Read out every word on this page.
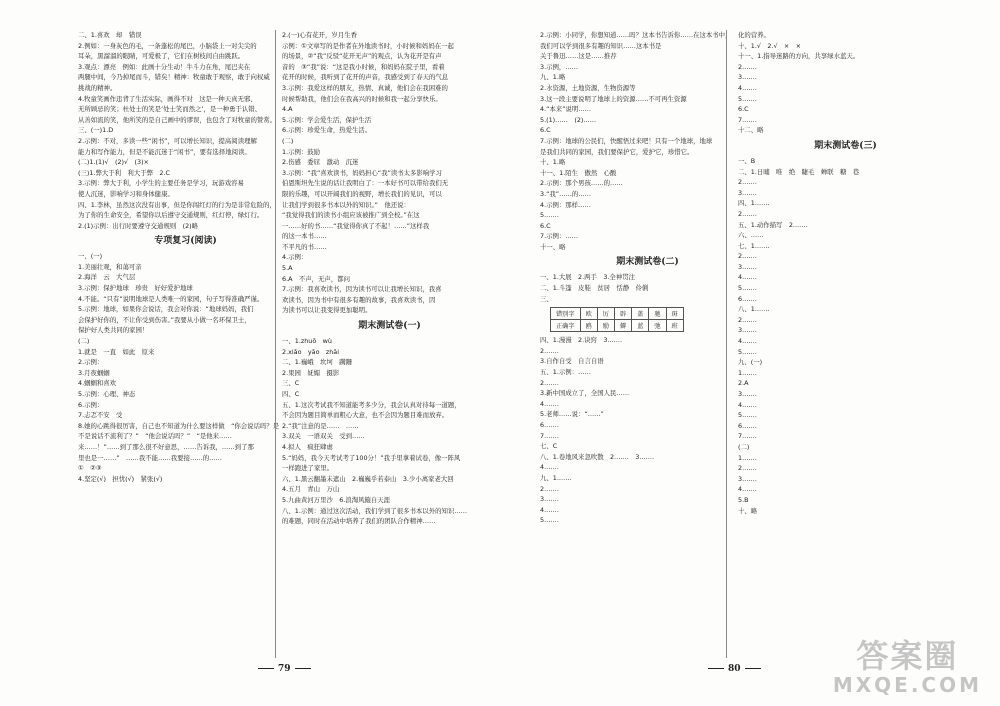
二、1.喜欢　却　错误
2.例如：一身灰色的毛，一条蓬松的尾巴，小脑袋上一对尖尖的
耳朵，黑溜溜的眼睛，可爱极了，它们在树枝间自由跳跃。
3.观点：漂亮　例如：此画十分生动！牛斗力在角，尾巴夹在
两腿中间，今乃掉尾而斗，错矣！精神：牧童敢于观察，敢于向权威
挑战的精神。
4.牧童笑画作违背了生活实际，画得不对　这是一种天真无邪、
无所顾忌的笑；杜处士的笑是‘处士笑而然之’，是一种勇于认错、
从善如流的笑，他所笑的是自己画中的谬误，也包含了对牧童的赞赏。
三、(一)1.D
2.示例：不对，多读一些“闲书”，可以增长知识，提高阅读理解
能力和写作能力，但是不能沉迷于“闲书”，要有选择地阅读。
(二)1.(1)√　(2)√　(3)×
(三)1.弊大于利　利大于弊　2.C
3.示例：弊大于利，小学生的主要任务是学习，玩游戏容易
使人沉迷，影响学习和身体健康。
四、1.李林，虽然这次没有出事，但是你闯红灯的行为是非常危险的，
为了你的生命安全，希望你以后遵守交通规则，红灯停，绿灯行。
2.(1)示例：出行时要遵守交通规则　(2)略
专项复习(阅读)
一、(一)
1.美丽壮观，和蔼可亲
2.海洋　云　大气层
3.示例：保护地球　珍贵　好好爱护地球
4.不能。“只有”说明地球是人类唯一的家园，句子写得准确严谨。
5.示例：地球，如果你会说话，我会对你说：“地球妈妈，我们
会保护好你的，不让你受到伤害。”我要从小做一名环保卫士，
保护好人类共同的家园！
(二)
1.就是　一直　如此　原来
2.示例：
3.月夜蝈蝈
4.蝈蝈和喜欢
5.示例：心理、神态
6.示例：
7.忐忑不安　受
8.她的心跳得很厉害，自己也不知道为什么要这样做　“你会说话吗？是
不是说话不流利了？”　“他会说话吗？”　“是他来……
来……！”……到了那么很不好意思，……告诉我，……到了那
里也是一……”　……我不能……我要接……的……
①　②③
4.坚定(√)　担忧(√)　紧张(√)
2.(一)心有花开，岁月生香
示例：①文章写的是作者在外地读书时，小时候和妈妈在一起
的场景，②“我”反驳“花开无声”的观点，认为花开是有声
音的　③“我”说：“这是我小时候，和妈妈在院子里，看着
花开的时候，我听到了花开的声音，我感受到了春天的气息
3.示例：我爱这样的朋友，热情、真诚，他们会在我困难的
时候帮助我，他们会在我高兴的时候和我一起分享快乐。
4.A
5.示例：学会爱生活，保护生活
6.示例：珍爱生命，热爱生活。
(二)
1.示例：鼓励
2.伤感　委屈　激动　沉迷
3.示例：“我”喜欢读书，妈妈担心“我”读书太多影响学习
伯恩斯坦先生说的话让我明白了：一本好书可以带给我们无
限的乐趣，可以开阔我们的视野，增长我们的见识，可以
让我们学到很多书本以外的知识。”　他还说：
“我觉得我们的读书小组应该被推广到全校。”在这
一……好的书……“我觉得你真了不起！……”这样我
的这一本书……
不平凡的书……
4.示例：
5.A
6.A　不声，无声，都问
7.示例：我喜欢读书，因为读书可以让我增长知识，我喜
欢读书，因为书中有很多有趣的故事，我喜欢读书，因
为读书可以让我变得更加聪明。
期末测试卷(一)
一、1.zhuō　wù
2.xiǎo　yāo　zhāi
二、1.巍峨　坎坷　蹒跚
2.果园　妩媚　摄影
三、C
四、C
五、1.这次考试我不知道能考多少分，我会认真对待每一道题，
不会因为题目简单而粗心大意，也不会因为题目难而放弃。
2.“我”注意的是……　……
3.双关　一语双关　受到……
4.拟人　疯狂肆虐
5.“妈妈，我今天考试考了100分！”我手里拿着试卷，像一阵风
一样跑进了家里。
六、1.黑云翻墨未遮山　2.巍巍乎若泰山　3.少小离家老大回
4.五月　青山　万山
5.九曲黄河万里沙　6.浪淘风簸自天涯
八、1.示例：通过这次活动，我们学到了很多书本以外的知识……
的难题，同时在活动中培养了我们的团队合作精神……
79
2.示例：小同学，你想知道……吗？这本书告诉你……在这本书中，
我们可以学到很多有趣的知识……这本书是
关于鲁迅……这是……推荐
3.示例，……
九、1.略
2.水资源，土地资源，生物资源等
3.这一段主要说明了地球上的资源……不可再生资源
4.“本来”说明……
5.(1)……　(2)……
6.C
7.示例：地球的公民们，快醒悟过来吧！只有一个地球，地球
是我们共同的家园，我们要保护它，爱护它，珍惜它。
十、1.略
十一、1.陌生　傲然　心酸
2.示例：那个男孩……的……
3.“我”……的……
4.示例：那样……
5.……
6.C
7.示例：……
十一、略
期末测试卷(二)
一、1.大展　2.两手　3.全神贯注
二、1.斗篷　皮鞋　贫居　恬静　伶俐
三、
错别字	欧	厉	辟	盖	驰	斑
正确字	鸥	励	僻	蓝	弛	班
四、1.漫漫　2.诀窍　3.……
2.……
3.自作自受　自言自语
五、1.示例：……
2.……
3.新中国成立了，全国人民……
4.……
5.老师……说：“……”
6.……
7.……
七、C
八、1.卷地风来忽吹散　2.……　3.……
4.……
九、1.……
2.……
3.……
4.……
5.……
化的营养。
十、1.√　2.√　×　×
十一、1.指导迷路的方向，共享绿水蓝天。
2.……
3.……
4.……
5.……
6.C
7.……
十二、略
期末测试卷(三)
一、B
二、1.日晡　唯　绝　睫毛　蝉联　糖　巷
2.……
3.……
四、1.……
2.……
五、1.动作描写　2.……
六、……
七、1.……
2.……
3.……
4.……
5.……
6.……
八、1.……
2.……
3.……
4.……
5.……
九、(一)
1.……
2.A
3.……
4.……
5.……
6.……
7.……
(二)
1.……
2.……
3.……
4.……
5.B
十、略
80	答案圈
MXQE.COM
